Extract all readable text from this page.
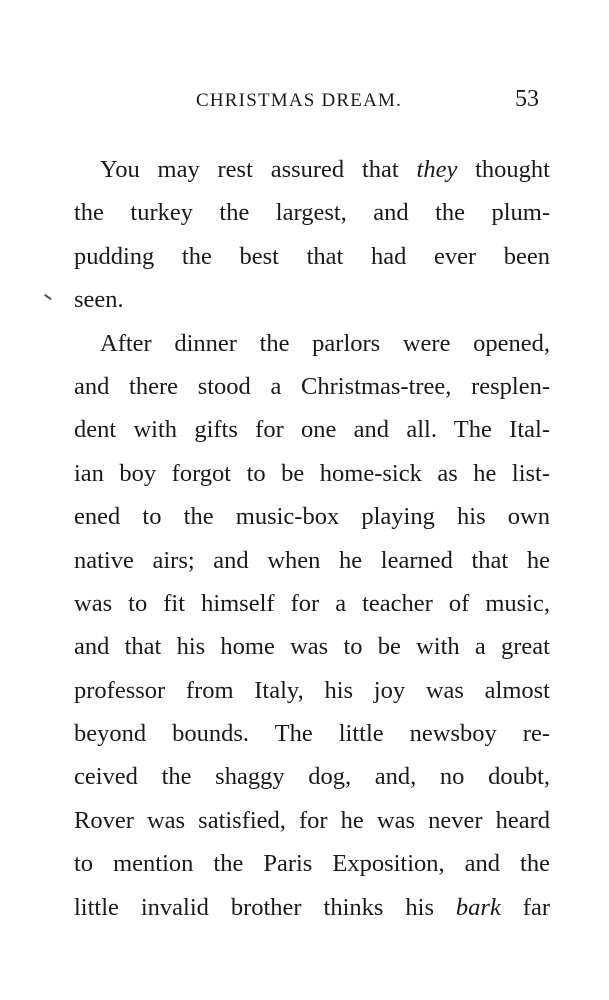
CHRISTMAS DREAM.	53
You may rest assured that they thought
the turkey the largest, and the plum-
pudding the best that had ever been
seen.
After dinner the parlors were opened,
and there stood a Christmas-tree, resplen-
dent with gifts for one and all. The Ital-
ian boy forgot to be home-sick as he list-
ened to the music-box playing his own
native airs; and when he learned that he
was to fit himself for a teacher of music,
and that his home was to be with a great
professor from Italy, his joy was almost
beyond bounds. The little newsboy re-
ceived the shaggy dog, and, no doubt,
Rover was satisfied, for he was never heard
to mention the Paris Exposition, and the
little invalid brother thinks his bark far
